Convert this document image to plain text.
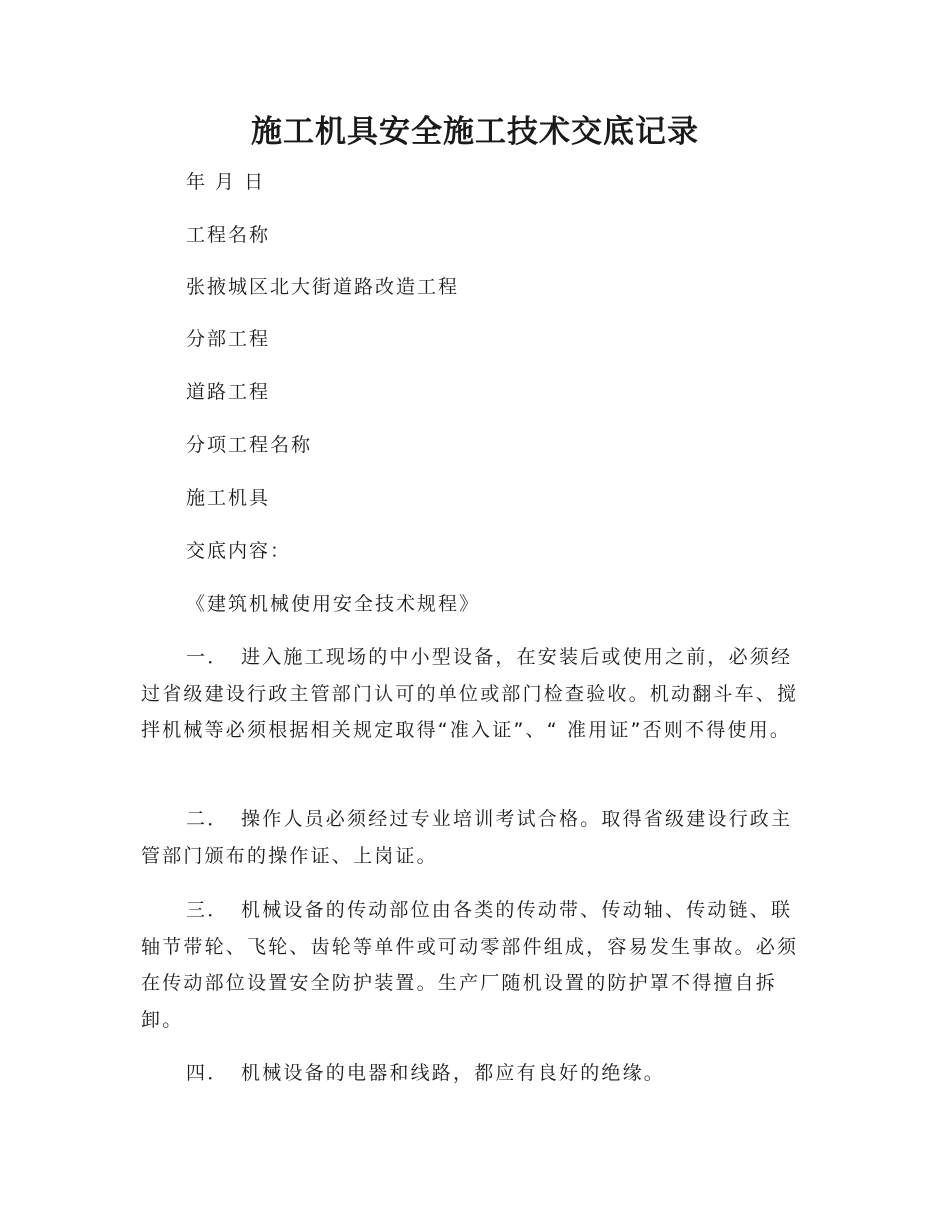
施工机具安全施工技术交底记录

年 月 日

工程名称

张掖城区北大街道路改造工程

分部工程

道路工程

分项工程名称

施工机具

交底内容：

《建筑机械使用安全技术规程》

一． 进入施工现场的中小型设备，在安装后或使用之前，必须经过省级建设行政主管部门认可的单位或部门检查验收。机动翻斗车、搅拌机械等必须根据相关规定取得“准入证”、“ 准用证”否则不得使用。

二． 操作人员必须经过专业培训考试合格。取得省级建设行政主管部门颁布的操作证、上岗证。

三． 机械设备的传动部位由各类的传动带、传动轴、传动链、联轴节带轮、飞轮、齿轮等单件或可动零部件组成，容易发生事故。必须在传动部位设置安全防护装置。生产厂随机设置的防护罩不得擅自拆卸。

四． 机械设备的电器和线路，都应有良好的绝缘。
